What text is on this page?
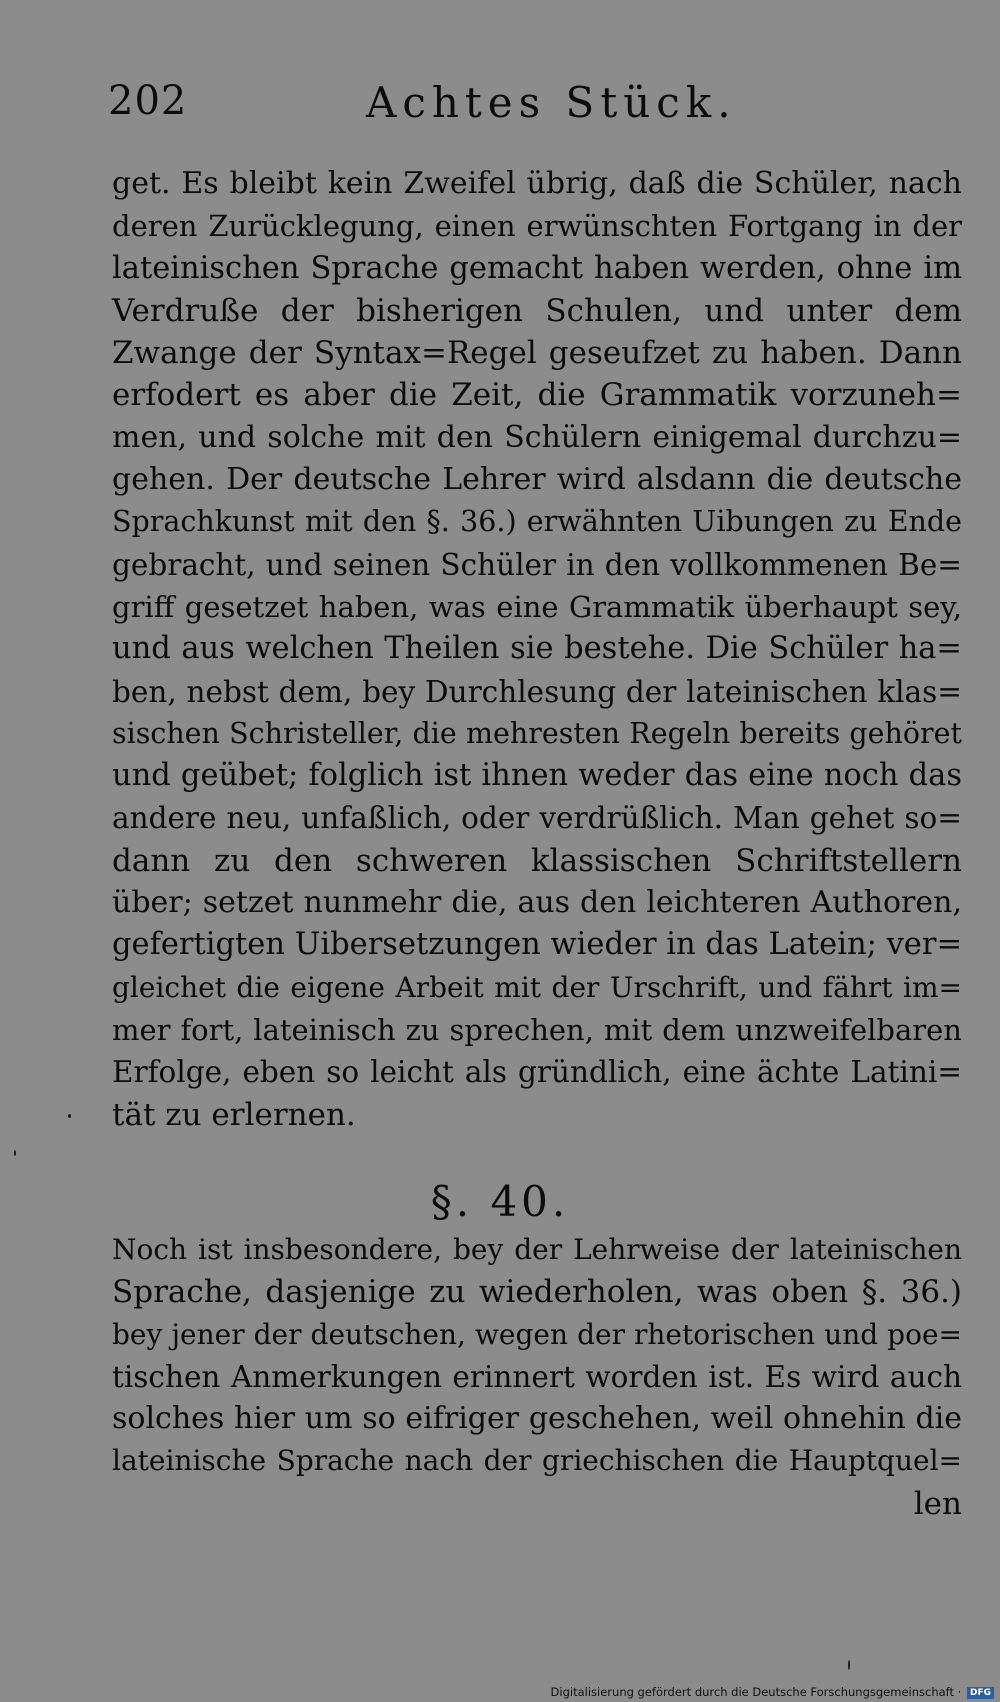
202	Achtes Stück.
get. Es bleibt kein Zweifel übrig, daß die Schüler, nach
deren Zurücklegung, einen erwünschten Fortgang in der
lateinischen Sprache gemacht haben werden, ohne im
Verdruße der bisherigen Schulen, und unter dem
Zwange der Syntax=Regel geseufzet zu haben. Dann
erfodert es aber die Zeit, die Grammatik vorzuneh=
men, und solche mit den Schülern einigemal durchzu=
gehen. Der deutsche Lehrer wird alsdann die deutsche
Sprachkunst mit den §. 36.) erwähnten Uibungen zu Ende
gebracht, und seinen Schüler in den vollkommenen Be=
griff gesetzet haben, was eine Grammatik überhaupt sey,
und aus welchen Theilen sie bestehe. Die Schüler ha=
ben, nebst dem, bey Durchlesung der lateinischen klas=
sischen Schristeller, die mehresten Regeln bereits gehöret
und geübet; folglich ist ihnen weder das eine noch das
andere neu, unfaßlich, oder verdrüßlich. Man gehet so=
dann zu den schweren klassischen Schriftstellern
über; setzet nunmehr die, aus den leichteren Authoren,
gefertigten Uibersetzungen wieder in das Latein; ver=
gleichet die eigene Arbeit mit der Urschrift, und fährt im=
mer fort, lateinisch zu sprechen, mit dem unzweifelbaren
Erfolge, eben so leicht als gründlich, eine ächte Latini=
tät zu erlernen.
§. 40.
Noch ist insbesondere, bey der Lehrweise der lateinischen
Sprache, dasjenige zu wiederholen, was oben §. 36.)
bey jener der deutschen, wegen der rhetorischen und poe=
tischen Anmerkungen erinnert worden ist. Es wird auch
solches hier um so eifriger geschehen, weil ohnehin die
lateinische Sprache nach der griechischen die Hauptquel=
len
Digitalisierung gefördert durch die Deutsche Forschungsgemeinschaft · DFG
